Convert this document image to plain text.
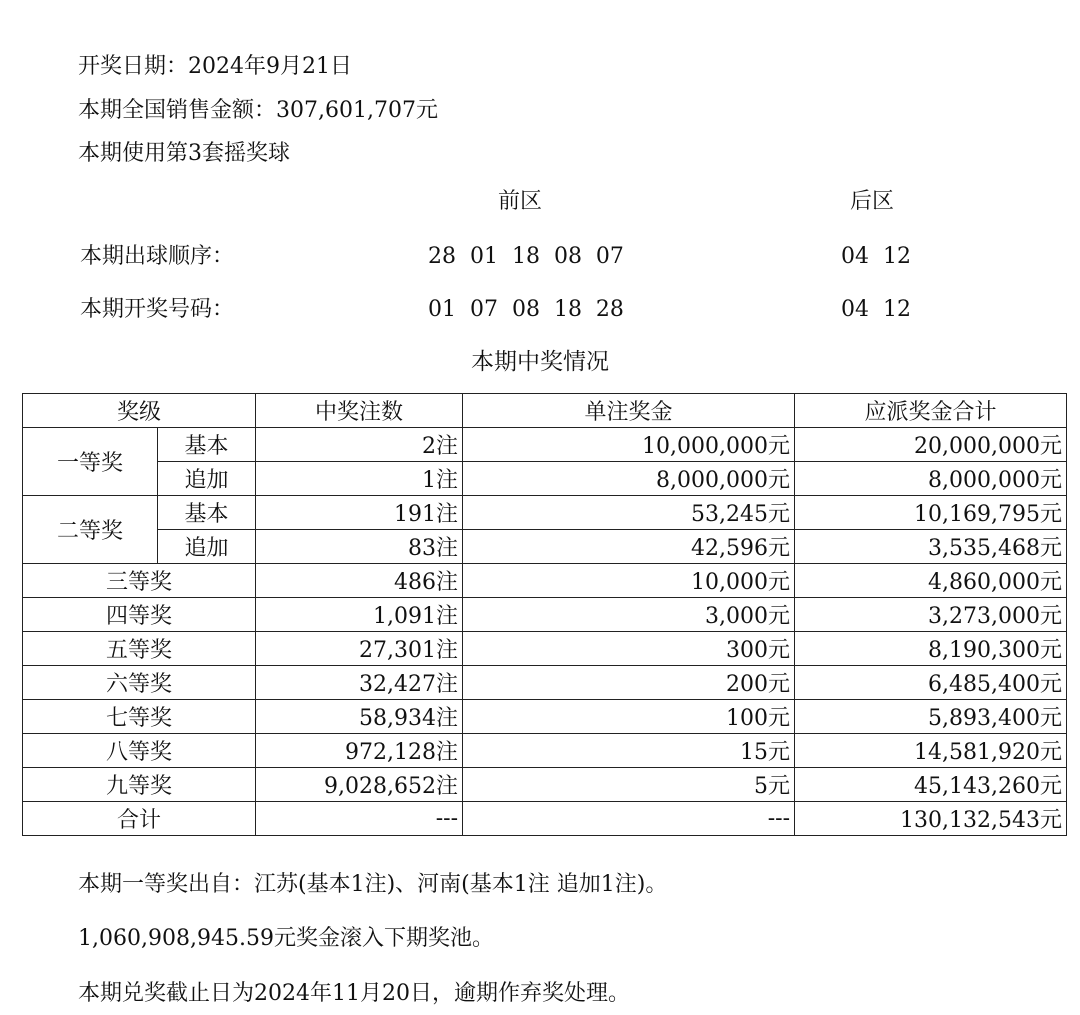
开奖日期：2024年9月21日
本期全国销售金额：307,601,707元
本期使用第3套摇奖球
前区	后区
本期出球顺序：	28  01  18  08  07	04  12
本期开奖号码：	01  07  08  18  28	04  12
本期中奖情况
奖级		中奖注数	单注奖金	应派奖金合计
一等奖	基本	2注	10,000,000元	20,000,000元
	追加	1注	8,000,000元	8,000,000元
二等奖	基本	191注	53,245元	10,169,795元
	追加	83注	42,596元	3,535,468元
三等奖		486注	10,000元	4,860,000元
四等奖		1,091注	3,000元	3,273,000元
五等奖		27,301注	300元	8,190,300元
六等奖		32,427注	200元	6,485,400元
七等奖		58,934注	100元	5,893,400元
八等奖		972,128注	15元	14,581,920元
九等奖		9,028,652注	5元	45,143,260元
合计		---	---	130,132,543元
本期一等奖出自：江苏(基本1注)、河南(基本1注 追加1注)。
1,060,908,945.59元奖金滚入下期奖池。
本期兑奖截止日为2024年11月20日，逾期作弃奖处理。
